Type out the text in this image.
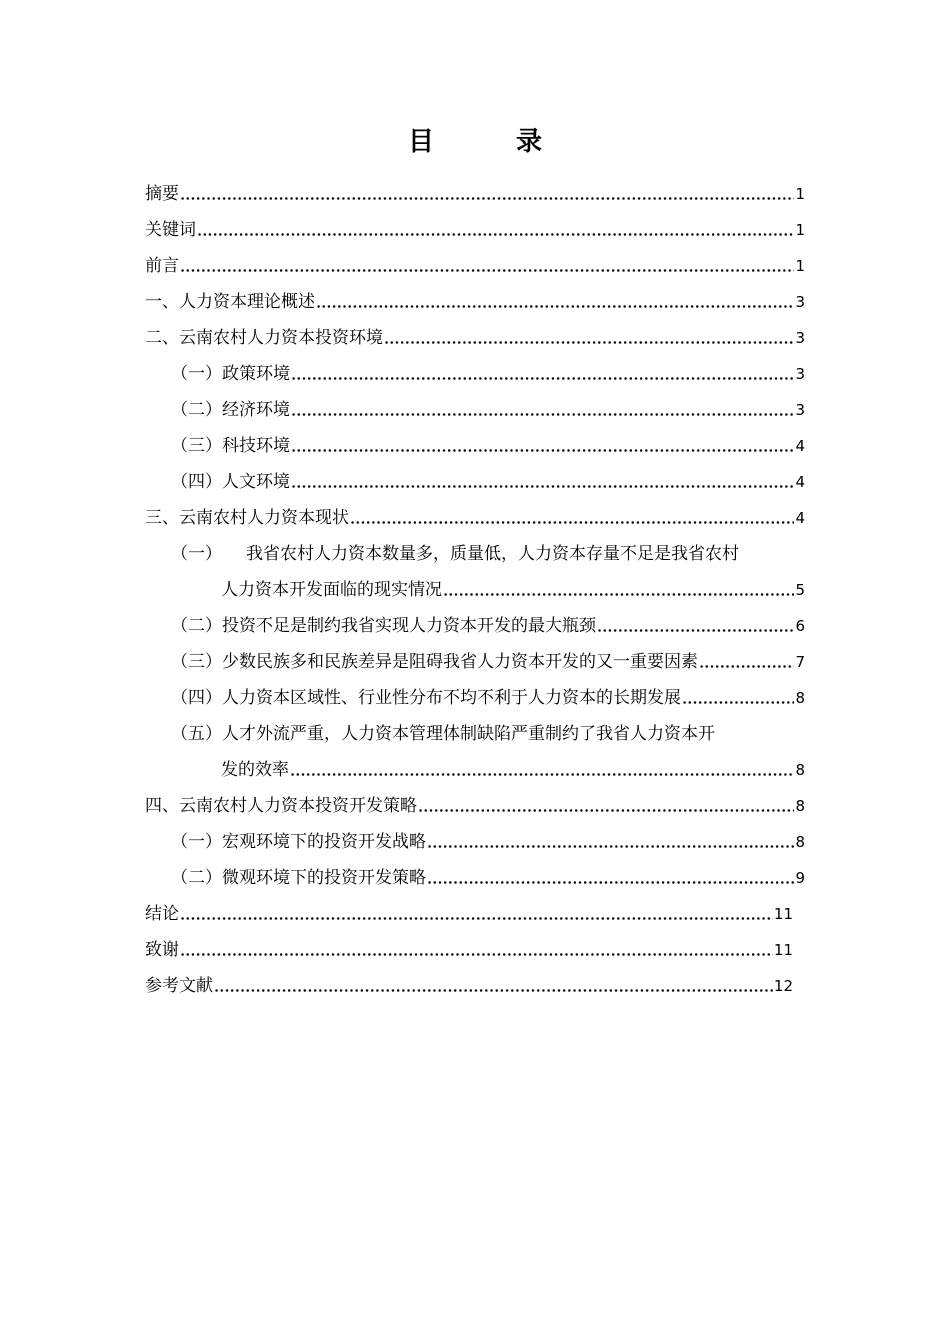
目　录
摘要	1
关键词	1
前言	1
一、人力资本理论概述	3
二、云南农村人力资本投资环境	3
（一）政策环境	3
（二）经济环境	3
（三）科技环境	4
（四）人文环境	4
三、云南农村人力资本现状	4
（一） 我省农村人力资本数量多，质量低，人力资本存量不足是我省农村
人力资本开发面临的现实情况	5
（二）投资不足是制约我省实现人力资本开发的最大瓶颈	6
（三）少数民族多和民族差异是阻碍我省人力资本开发的又一重要因素	7
（四）人力资本区域性、行业性分布不均不利于人力资本的长期发展	8
（五）人才外流严重，人力资本管理体制缺陷严重制约了我省人力资本开
发的效率	8
四、云南农村人力资本投资开发策略	8
（一）宏观环境下的投资开发战略	8
（二）微观环境下的投资开发策略	9
结论	11
致谢	11
参考文献	12
